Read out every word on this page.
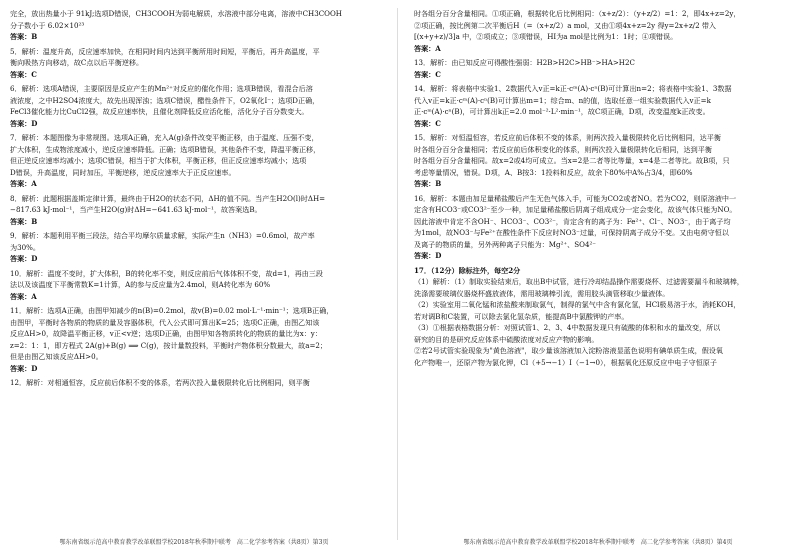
完全，放出热量小于 91kJ;选项D错误，CH3COOH为弱电解质，水溶液中部分电离，溶液中CH3COOH
分子数小于 6.02×10²³
答案：B
5．解析：温度升高，反应速率加快，在相同时间内达到平衡所用时间短，平衡后，再升高温度，平
衡向吸热方向移动，故C点以后平衡逆移。
答案：C
6．解析：选项A错误，主要原因是反应产生的Mn²⁺对反应的催化作用；选项B错误，看混合后溶
液浓度，之中H2SO4浓度大，故先出现浑浊；选项C错误，醋性条件下，O2氧化I⁻；选项D正确，
FeCl3催化能力比CuCl2强，故反应速率快，且催化剂降低反应活化能，活化分子百分数变大。
答案：D
7．解析：本题图像为非常规图。选项A正确，充入A(g)条件改变平衡正移，由于温度、压强不变，
扩大体积，生成物浓度减小，逆反应速率降低。正确；选项B错误，其他条件不变，降温平衡正移，
但正逆反应速率均减小；选项C错误，相当于扩大体积，平衡正移，但正反应速率均减小；选项
D错误，升高温度，同时加压，平衡逆移，逆反应速率大于正反应速率。
答案：A
8．解析：此题根据盖斯定律计算，最终由于H2O的状态不同，ΔH的值不同。当产生H2O(l)时ΔH=
−817.63 kJ·mol⁻¹，当产生H2O(g)时ΔH=−641.63 kJ·mol⁻¹，故答案选B。
答案：B
9．解析：本题利用平衡三段法，结合平均摩尔质量求解，实际产生n（NH3）=0.6mol，故产率
为30%。
答案：D
10．解析：温度不变时，扩大体积，B的转化率不变，则反应前后气体体积不变，故d=1，再由三段
法以及该温度下平衡常数K=1计算，A的参与反应量为2.4mol，则A转化率为 60%
答案：A
11．解析：选项A正确，由图甲知减少的n(B)=0.2mol，故v(B)=0.02 mol·L⁻¹·min⁻¹；选项B正确，
由图甲，平衡时各物质的物质的量及容器体积，代入公式即可算出K=25；选项C正确，由图乙知该
反应ΔH>0，故降温平衡正移，v正<v逆；选项D正确，由图甲知各物质转化的物质的量比为x：y：
z=2：1：1，即方程式 2A(g)+B(g) ⟹ C(g)，按计量数投料，平衡时产物体积分数最大，故a=2；
但是由图乙知该反应ΔH>0。
答案：D
12．解析：对相通恒容，反应前后体积不变的体系，若两次投入量极限转化后比例相同，则平衡
时各组分百分含量相同。①项正确，根据转化后比例相同：（x+z/2）：（y+z/2）=1：2，即4x+z=2y，
②项正确，按比例第二次平衡后H（=（x+z/2）a mol，又由①项4x+z=2y 得y=2x+z/2 带入
[(x+y+z)/3]a 中，②项成立；③项错误，HI为a mol是比例为1：1时；④项错误。
答案：A
13．解析：由已知反应可得酸性强弱：H2B>H2C>HB⁻>HA>H2C
答案：C
14．解析：将表格中实验1、2数据代入v正=k正·cᵐ(A)·cⁿ(B)可计算出n=2；将表格中实验1、3数据
代入v正=k正·cᵐ(A)·cⁿ(B)可计算出m=1；综合m、n的值，选取任意一组实验数据代入v正=k
正·cᵐ(A)·cⁿ(B)，可计算出k正=2.0 mol⁻²·L²·min⁻¹，故C项正确，D项，改变温度k正改变。
答案：C
15．解析：对恒温恒容，若反应前后体积不变的体系，则两次投入量极限转化后比例相同，达平衡
时各组分百分含量相同；若反应前后体积变化的体系，则两次投入量极限转化后相同，达到平衡
时各组分百分含量相同。故x=2或4均可成立。当x=2是二者等比等量，x=4是二者等比。故B项，只
考虑等量情况，错误。D项，A、B按3：1投料和反应，故余下80%中A%占3/4，即60%
答案：B
16．解析：本题由加足量稀盐酸后产生无色气体入手，可能为CO2或者NO。若为CO2，则原溶液中一
定含有HCO3⁻或CO3²⁻至少一种，加足量稀盐酸后阴离子组成成分一定会变化，故该气体只能为NO。
因此溶液中肯定不含OH⁻、HCO3⁻、CO3²⁻，肯定含有的离子为：Fe²⁺、Cl⁻、NO3⁻，由于离子均
为1mol，故NO3⁻与Fe²⁺在酸性条件下反应时NO3⁻过量，可保持阴离子成分不变。又由电荷守恒以
及离子的物质的量，另外两种离子只能为：Mg²⁺、SO4²⁻
答案：D
17．（12分）除标注外，每空2分
（1）解析：（1）制取实验结束后，取出B中试管，进行冷却结晶操作需要烧杯、过滤需要漏斗和玻璃棒，
洗涤需要玻璃仪器烧杯盛放液体，需用玻璃棒引流，需用胶头滴管移取少量液体。
（2）实验室用二氧化锰和浓盐酸来制取氯气，制得的氯气中含有氯化氢，HCl极易溶于水，消耗KOH，
若对调B和C装置，可以除去氯化氢杂质，能提高B中氯酸钾的产率。
（3）①根据表格数据分析：对照试管1、2、3、4中数据发现只有硫酸的体积和水的量改变，所以
研究的目的是研究反应体系中硫酸浓度对反应产物的影响。
②若2号试管实验现象为"黄色溶液"，取少量该溶液加入淀粉溶液显蓝色说明有碘单质生成，假设氧
化产物唯一，还原产物为氯化钾，Cl（+5→−1）I（−1→0），根据氧化还原反应中电子守恒原子
鄂东南省级示范高中教育教学改革联盟学校2018年秋季期中联考　高二化学参考答案（共8页）第3页	鄂东南省级示范高中教育教学改革联盟学校2018年秋季期中联考　高二化学参考答案（共8页）第4页
